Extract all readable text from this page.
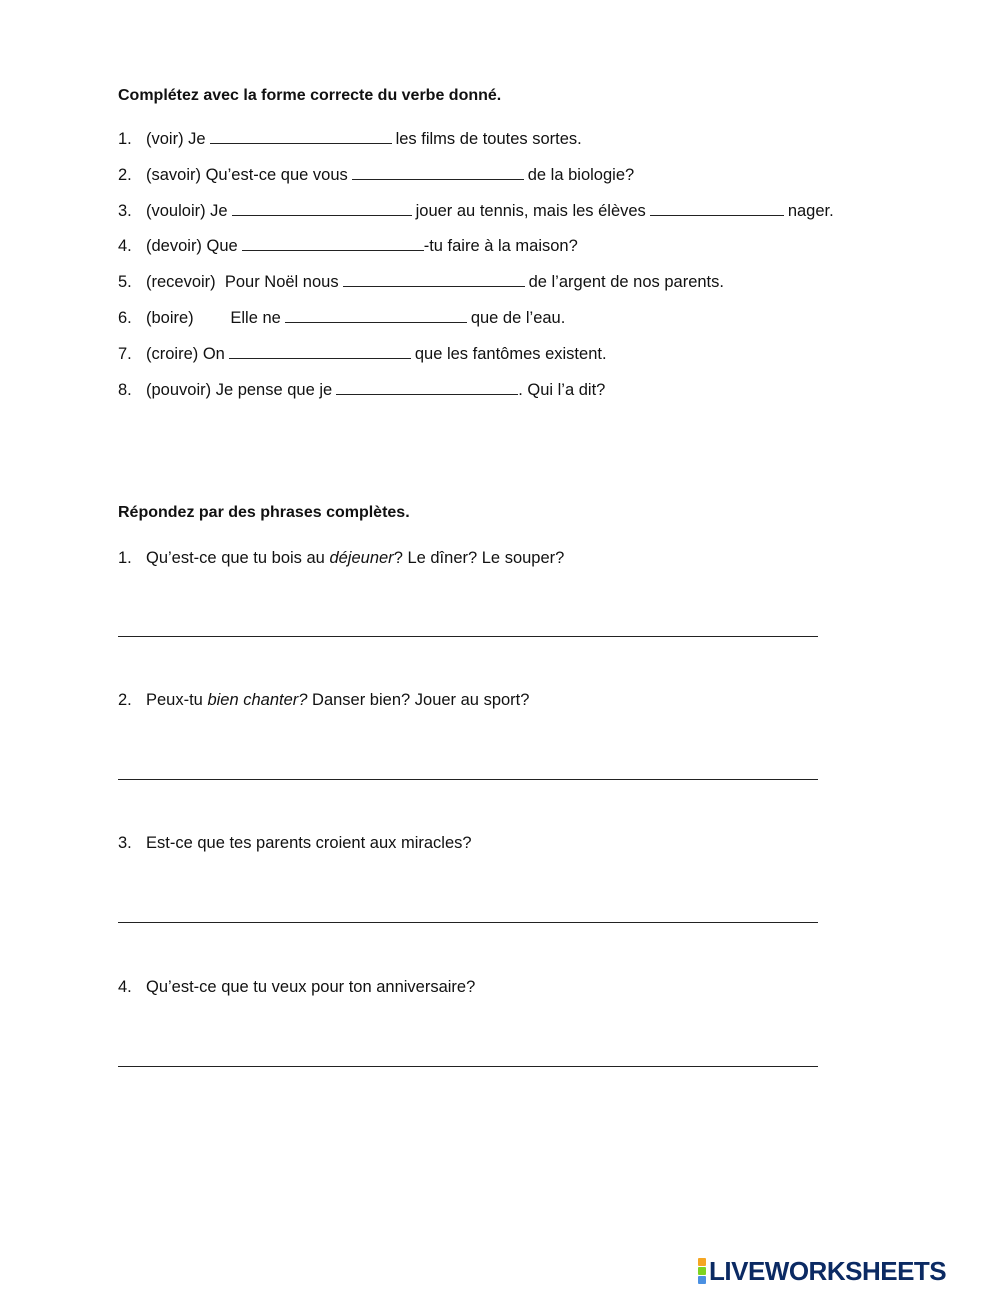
Complétez avec la forme correcte du verbe donné.
1. (voir) Je	les films de toutes sortes.
2. (savoir) Qu’est-ce que vous	de la biologie?
3. (vouloir) Je	jouer au tennis, mais les élèves	nager.
4. (devoir) Que	-tu faire à la maison?
5. (recevoir)  Pour Noël nous	de l’argent de nos parents.
6. (boire)        Elle ne	que de l’eau.
7. (croire) On	que les fantômes existent.
8. (pouvoir) Je pense que je	. Qui l’a dit?
Répondez par des phrases complètes.
1. Qu’est-ce que tu bois au déjeuner? Le dîner? Le souper?
2. Peux-tu bien chanter? Danser bien? Jouer au sport?
3. Est-ce que tes parents croient aux miracles?
4. Qu’est-ce que tu veux pour ton anniversaire?
LIVEWORKSHEETS
